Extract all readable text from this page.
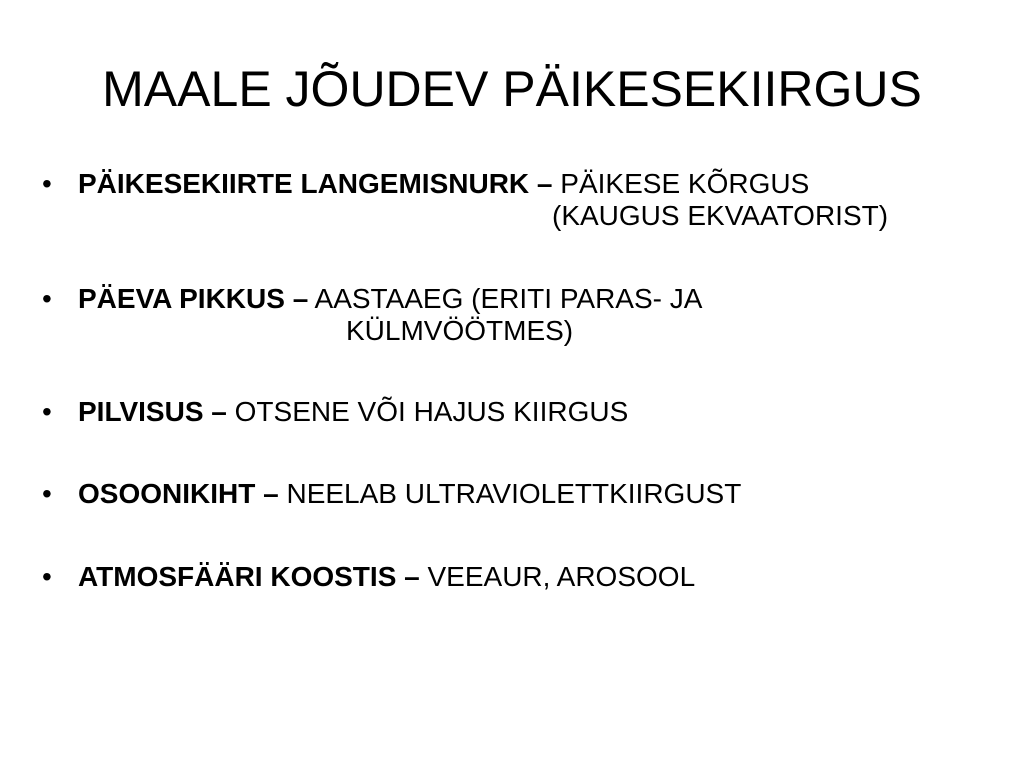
MAALE JÕUDEV PÄIKESEKIIRGUS
• PÄIKESEKIIRTE LANGEMISNURK – PÄIKESE KÕRGUS
(KAUGUS EKVAATORIST)
• PÄEVA PIKKUS – AASTAAEG (ERITI PARAS- JA
KÜLMVÖÖTMES)
• PILVISUS – OTSENE VÕI HAJUS KIIRGUS
• OSOONIKIHT – NEELAB ULTRAVIOLETTKIIRGUST
• ATMOSFÄÄRI KOOSTIS – VEEAUR, AROSOOL
